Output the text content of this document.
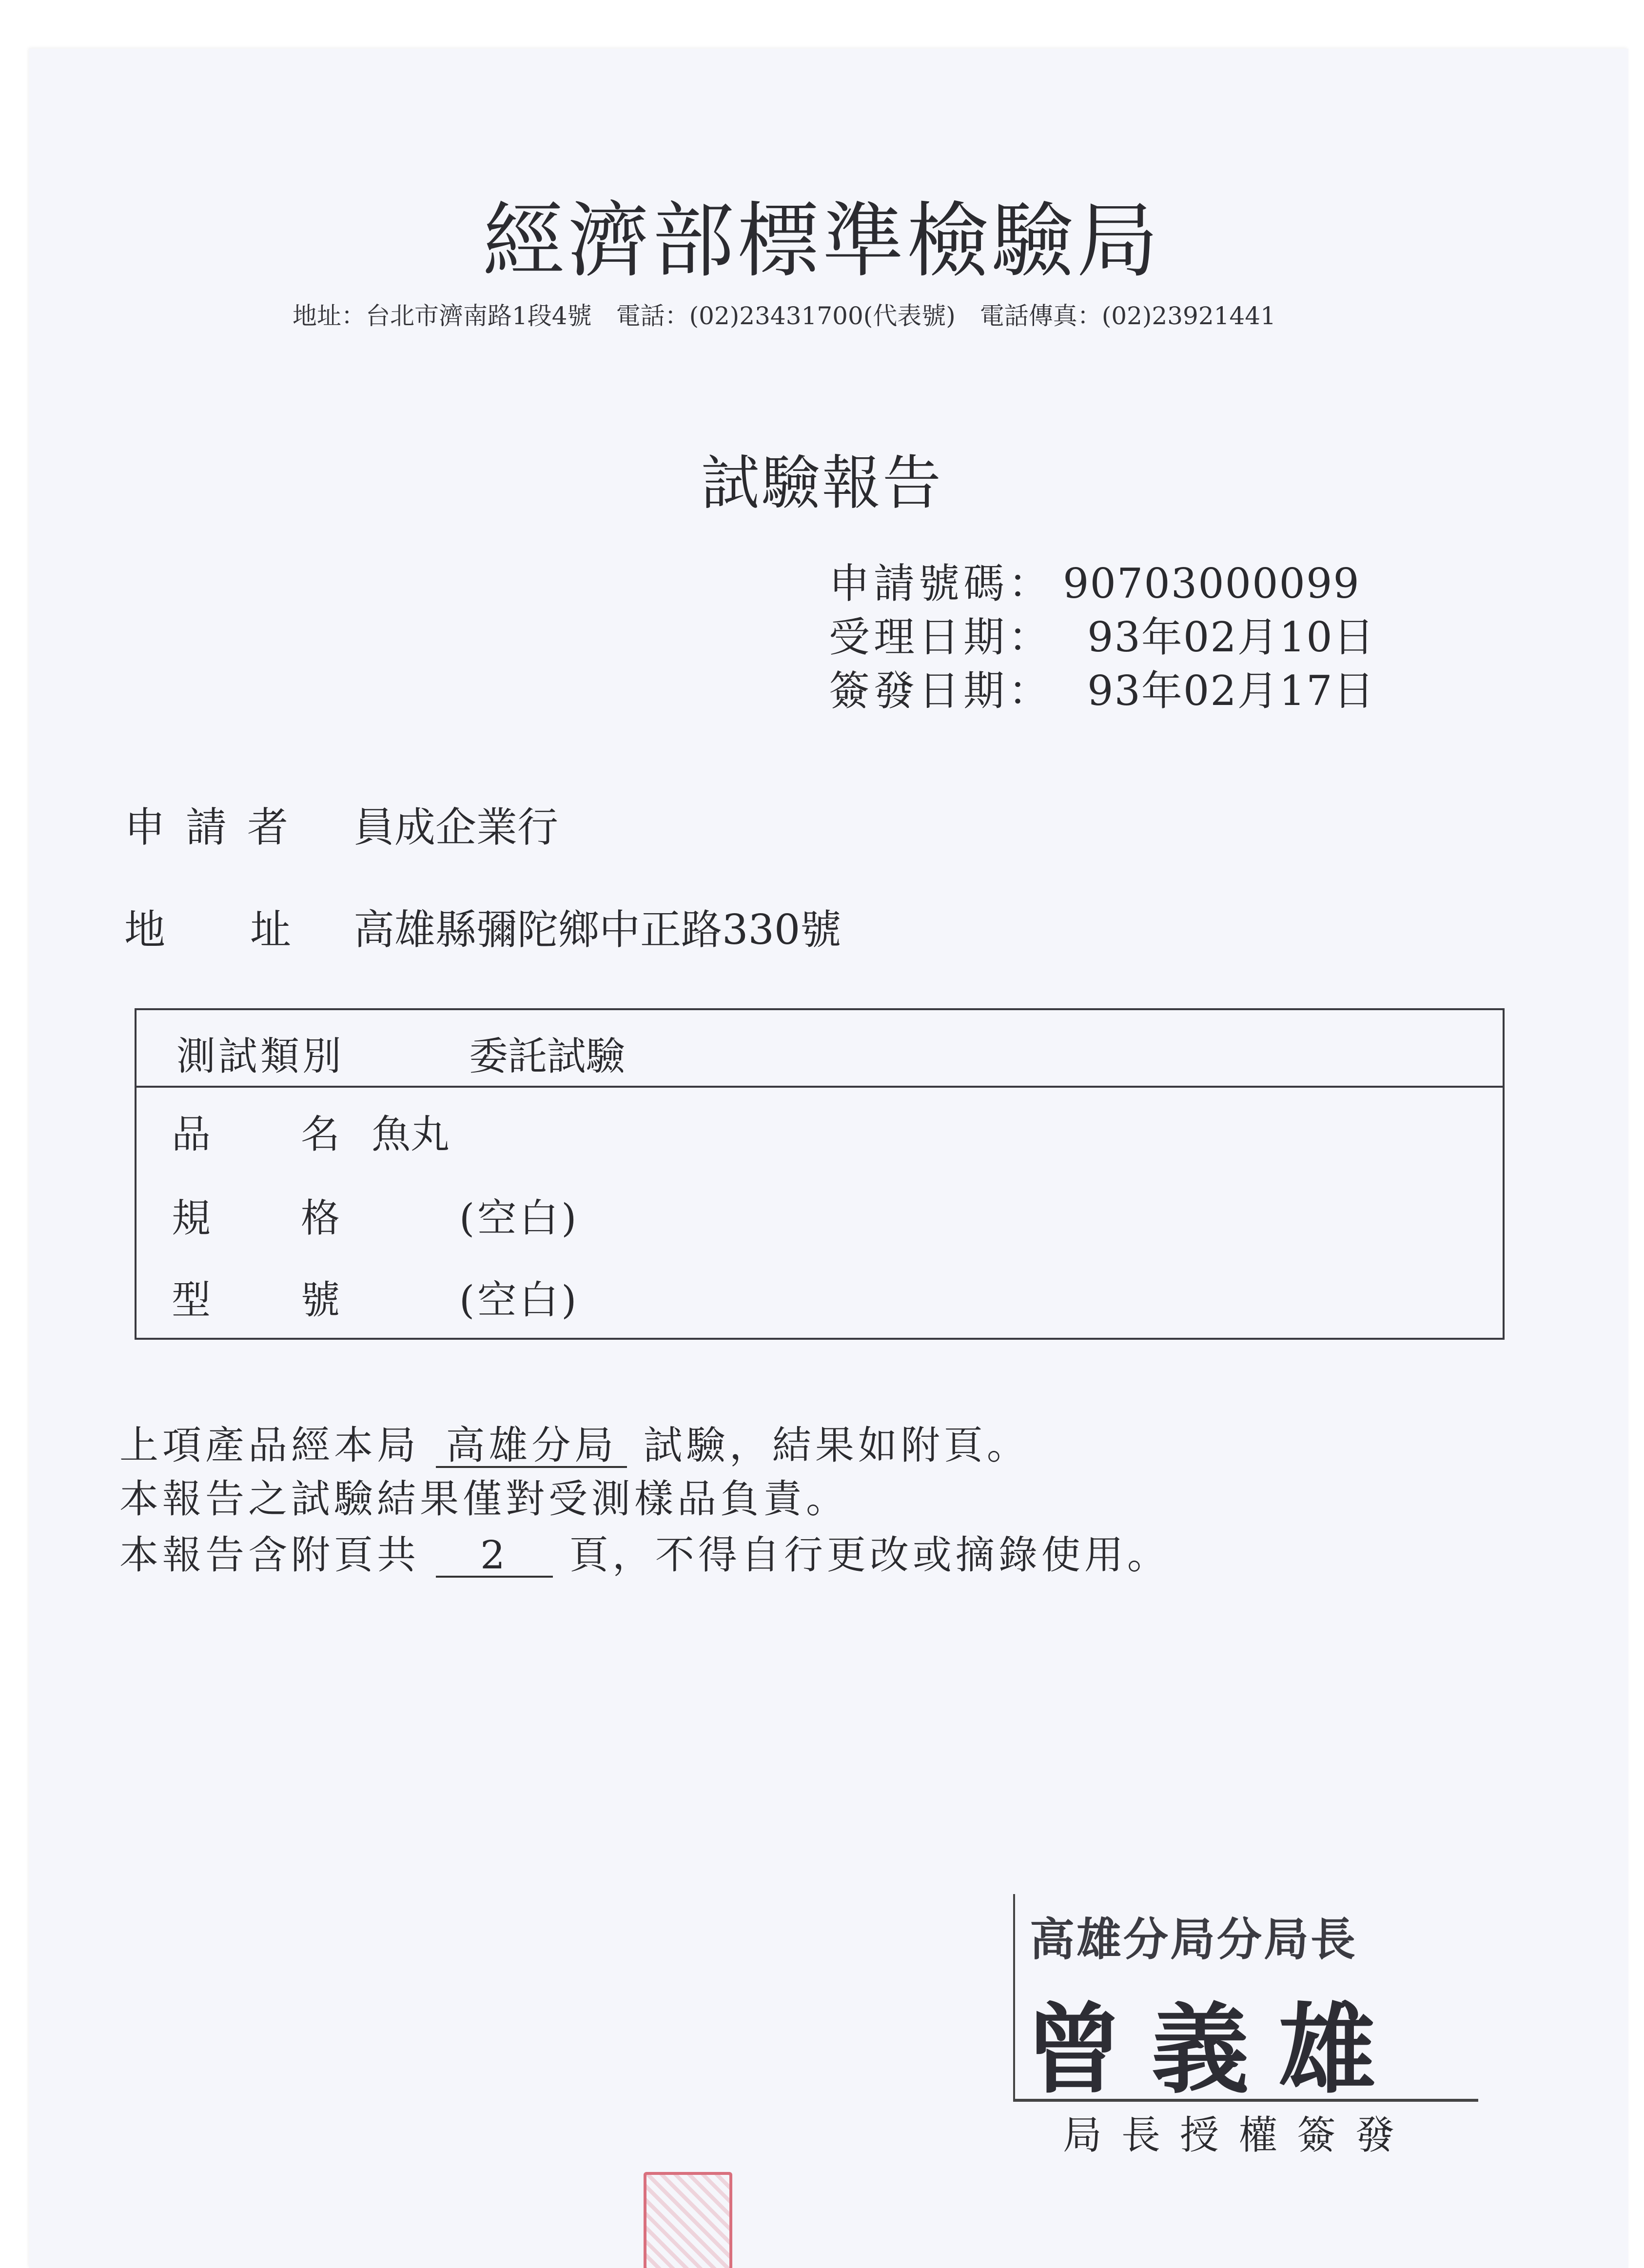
經濟部標準檢驗局
地址：台北市濟南路1段4號　電話：(02)23431700(代表號)　電話傳真：(02)23921441
試驗報告
申請號碼： 90703000099
受理日期： 93年02月10日
簽發日期： 93年02月17日
申請者 員成企業行
地 址 高雄縣彌陀鄉中正路330號
測試類別	委託試驗
品 名 魚丸
規 格	(空白)
型 號	(空白)
上項產品經本局 高雄分局 試驗，結果如附頁。
本報告之試驗結果僅對受測樣品負責。
本報告含附頁共 2 頁，不得自行更改或摘錄使用。
高雄分局分局長
曾義雄
局長授權簽發
